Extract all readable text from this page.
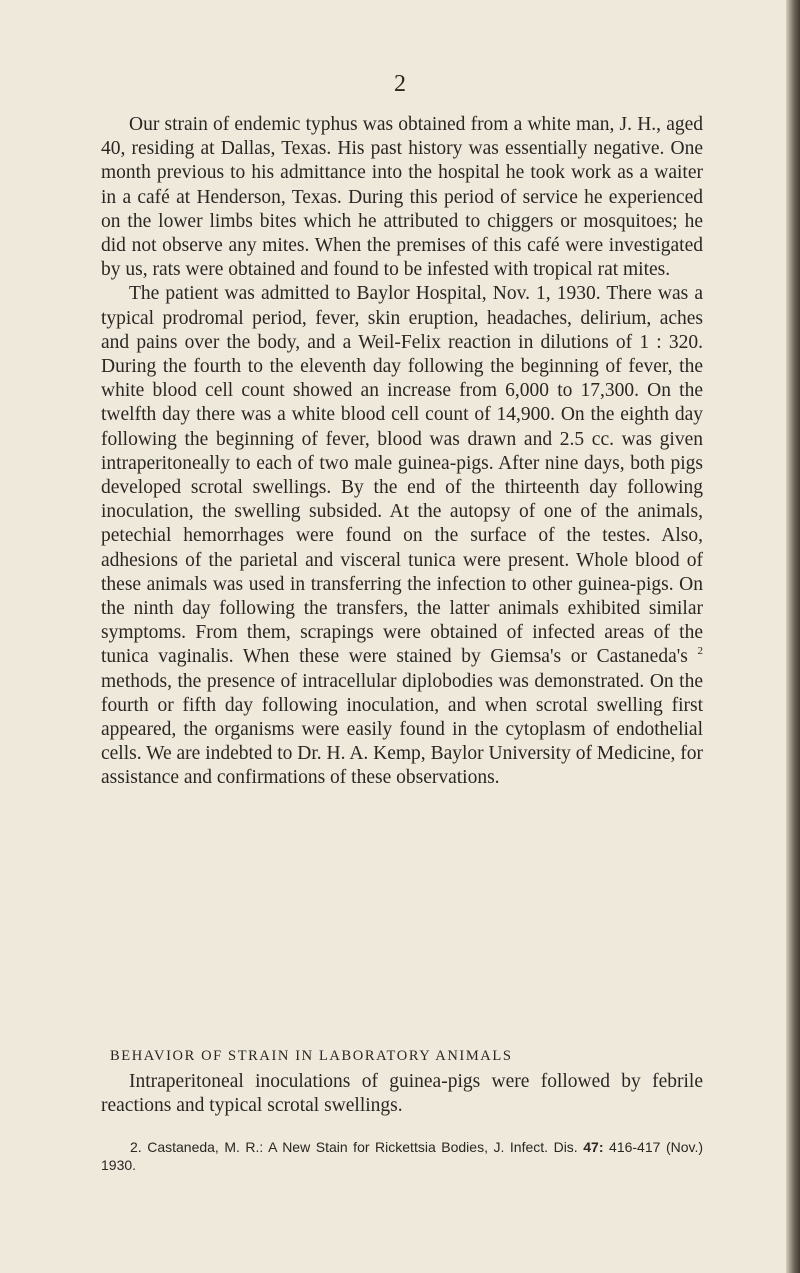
2

Our strain of endemic typhus was obtained from a white man, J. H., aged 40, residing at Dallas, Texas. His past history was essentially negative. One month previous to his admittance into the hospital he took work as a waiter in a café at Henderson, Texas. During this period of service he experienced on the lower limbs bites which he attributed to chiggers or mosquitoes; he did not observe any mites. When the premises of this café were investigated by us, rats were obtained and found to be infested with tropical rat mites.

The patient was admitted to Baylor Hospital, Nov. 1, 1930. There was a typical prodromal period, fever, skin eruption, headaches, delirium, aches and pains over the body, and a Weil-Felix reaction in dilutions of 1 : 320. During the fourth to the eleventh day following the beginning of fever, the white blood cell count showed an increase from 6,000 to 17,300. On the twelfth day there was a white blood cell count of 14,900. On the eighth day following the beginning of fever, blood was drawn and 2.5 cc. was given intraperitoneally to each of two male guinea-pigs. After nine days, both pigs developed scrotal swellings. By the end of the thirteenth day following inoculation, the swelling subsided. At the autopsy of one of the animals, petechial hemorrhages were found on the surface of the testes. Also, adhesions of the parietal and visceral tunica were present. Whole blood of these animals was used in transferring the infection to other guinea-pigs. On the ninth day following the transfers, the latter animals exhibited similar symptoms. From them, scrapings were obtained of infected areas of the tunica vaginalis. When these were stained by Giemsa's or Castaneda's $^2$ methods, the presence of intracellular diplobodies was demonstrated. On the fourth or fifth day following inoculation, and when scrotal swelling first appeared, the organisms were easily found in the cytoplasm of endothelial cells. We are indebted to Dr. H. A. Kemp, Baylor University of Medicine, for assistance and confirmations of these observations.

BEHAVIOR OF STRAIN IN LABORATORY ANIMALS

Intraperitoneal inoculations of guinea-pigs were followed by febrile reactions and typical scrotal swellings.

2. Castaneda, M. R.: A New Stain for Rickettsia Bodies, J. Infect. Dis. 47: 416-417 (Nov.) 1930.
